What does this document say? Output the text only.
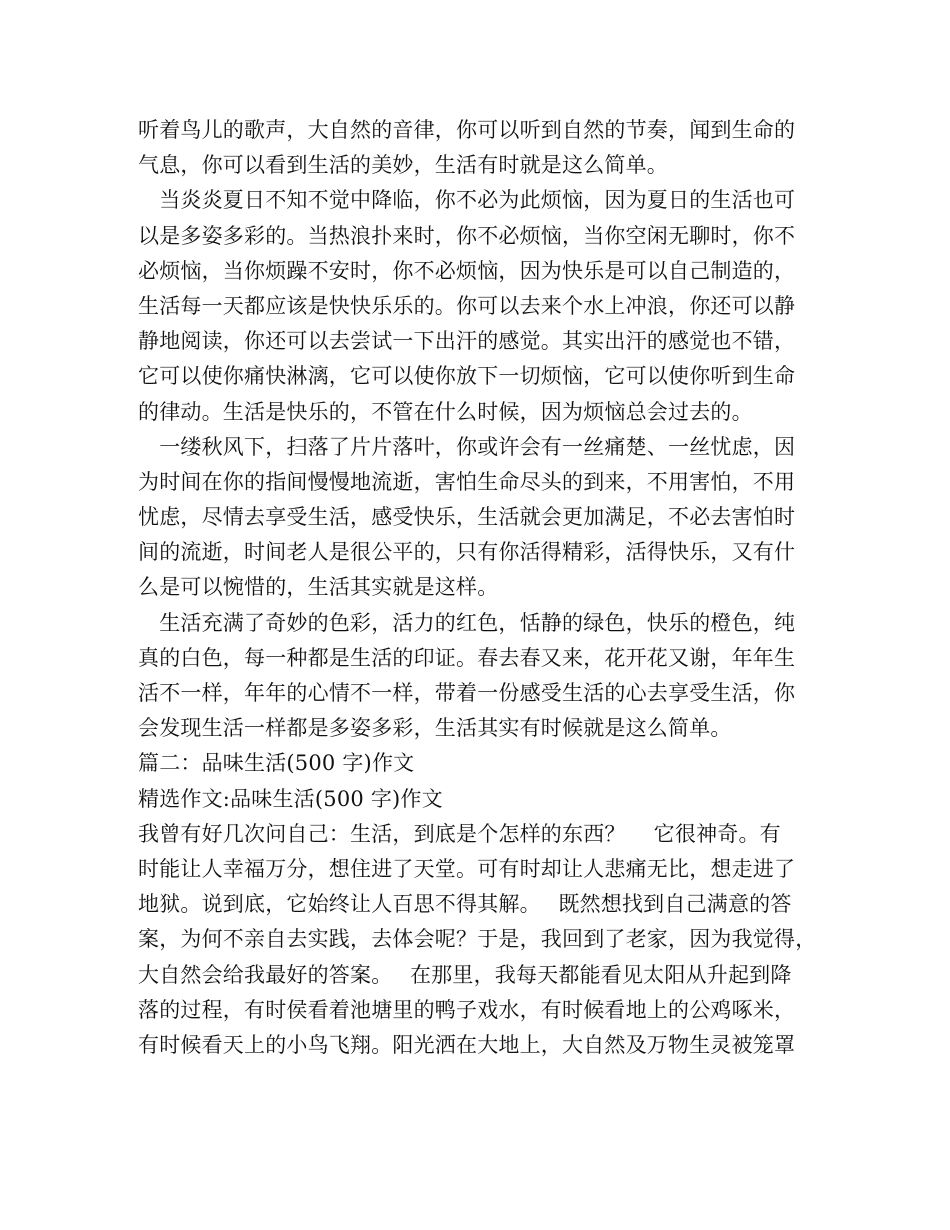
听着鸟儿的歌声，大自然的音律，你可以听到自然的节奏，闻到生命的
气息，你可以看到生活的美妙，生活有时就是这么简单。
　当炎炎夏日不知不觉中降临，你不必为此烦恼，因为夏日的生活也可
以是多姿多彩的。当热浪扑来时，你不必烦恼，当你空闲无聊时，你不
必烦恼，当你烦躁不安时，你不必烦恼，因为快乐是可以自己制造的，
生活每一天都应该是快快乐乐的。你可以去来个水上冲浪，你还可以静
静地阅读，你还可以去尝试一下出汗的感觉。其实出汗的感觉也不错，
它可以使你痛快淋漓，它可以使你放下一切烦恼，它可以使你听到生命
的律动。生活是快乐的，不管在什么时候，因为烦恼总会过去的。
　一缕秋风下，扫落了片片落叶，你或许会有一丝痛楚、一丝忧虑，因
为时间在你的指间慢慢地流逝，害怕生命尽头的到来，不用害怕，不用
忧虑，尽情去享受生活，感受快乐，生活就会更加满足，不必去害怕时
间的流逝，时间老人是很公平的，只有你活得精彩，活得快乐，又有什
么是可以惋惜的，生活其实就是这样。
　生活充满了奇妙的色彩，活力的红色，恬静的绿色，快乐的橙色，纯
真的白色，每一种都是生活的印证。春去春又来，花开花又谢，年年生
活不一样，年年的心情不一样，带着一份感受生活的心去享受生活，你
会发现生活一样都是多姿多彩，生活其实有时候就是这么简单。
篇二：品味生活(500 字)作文
精选作文:品味生活(500 字)作文
我曾有好几次问自己：生活，到底是个怎样的东西？　 它很神奇。有
时能让人幸福万分，想住进了天堂。可有时却让人悲痛无比，想走进了
地狱。说到底，它始终让人百思不得其解。　 既然想找到自己满意的答
案，为何不亲自去实践，去体会呢？于是，我回到了老家，因为我觉得，
大自然会给我最好的答案。　 在那里，我每天都能看见太阳从升起到降
落的过程，有时侯看着池塘里的鸭子戏水，有时候看地上的公鸡啄米，
有时候看天上的小鸟飞翔。阳光洒在大地上，大自然及万物生灵被笼罩
